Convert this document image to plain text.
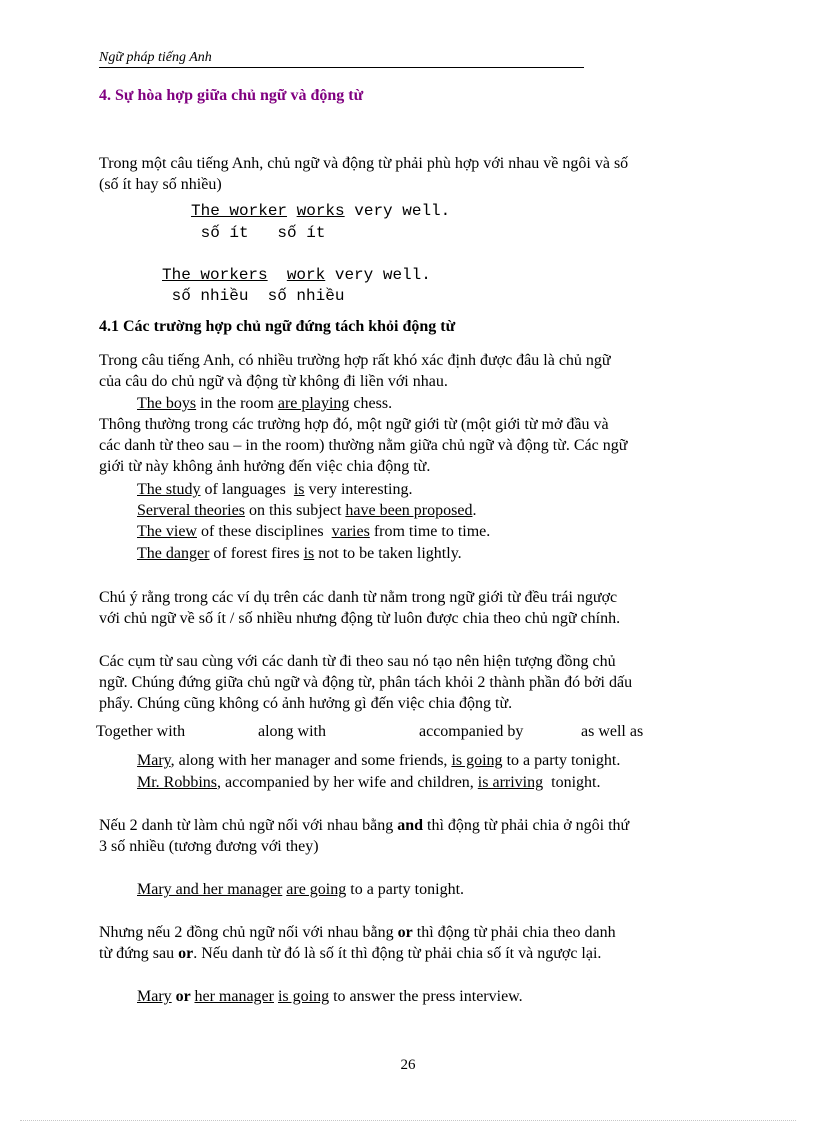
Ngữ pháp tiếng Anh
4. Sự hòa hợp giữa chủ ngữ và động từ
Trong một câu tiếng Anh, chủ ngữ và động từ phải phù hợp với nhau về ngôi và số
(số ít hay số nhiều)
The worker works very well.
số ít   số ít
The workers work very well.
số nhiều  số nhiều
4.1 Các trường hợp chủ ngữ đứng tách khỏi động từ
Trong câu tiếng Anh, có nhiều trường hợp rất khó xác định được đâu là chủ ngữ
của câu do chủ ngữ và động từ không đi liền với nhau.
The boys in the room are playing chess.
Thông thường trong các trường hợp đó, một ngữ giới từ (một giới từ mở đầu và
các danh từ theo sau – in the room) thường nằm giữa chủ ngữ và động từ. Các ngữ
giới từ này không ảnh hưởng đến việc chia động từ.
The study of languages  is very interesting.
Serveral theories on this subject have been proposed.
The view of these disciplines  varies from time to time.
The danger of forest fires is not to be taken lightly.
Chú ý rằng trong các ví dụ trên các danh từ nằm trong ngữ giới từ đều trái ngược
với chủ ngữ về số ít / số nhiều nhưng động từ luôn được chia theo chủ ngữ chính.
Các cụm từ sau cùng với các danh từ đi theo sau nó tạo nên hiện tượng đồng chủ
ngữ. Chúng đứng giữa chủ ngữ và động từ, phân tách khỏi 2 thành phần đó bởi dấu
phẩy. Chúng cũng không có ảnh hưởng gì đến việc chia động từ.
Together with	along with	accompanied by	as well as
Mary, along with her manager and some friends, is going to a party tonight.
Mr. Robbins, accompanied by her wife and children, is arriving  tonight.
Nếu 2 danh từ làm chủ ngữ nối với nhau bằng and thì động từ phải chia ở ngôi thứ
3 số nhiều (tương đương với they)
Mary and her manager are going to a party tonight.
Nhưng nếu 2 đồng chủ ngữ nối với nhau bằng or thì động từ phải chia theo danh
từ đứng sau or. Nếu danh từ đó là số ít thì động từ phải chia số ít và ngược lại.
Mary or her manager is going to answer the press interview.
26
